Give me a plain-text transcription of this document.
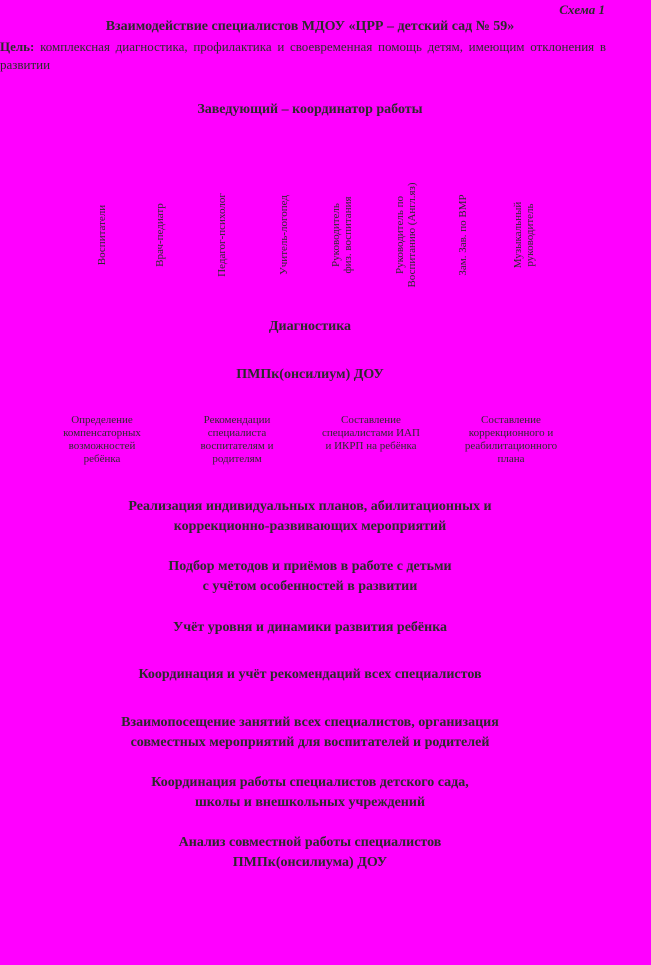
Схема 1
Взаимодействие специалистов МДОУ «ЦРР – детский сад № 59»
Цель: комплексная диагностика, профилактика и своевременная помощь детям, имеющим отклонения в развитии
Заведующий – координатор работы
Воспитатели	Врач-педиатр	Педагог-психолог	Учитель-логопед	Руководитель физ. воспитания	Руководитель по Воспитанию (Англ.яз)	Зам. Зав. по ВМР	Музыкальный руководитель
Диагностика
ПМПк(онсилиум) ДОУ
Определение
компенсаторных
возможностей
ребёнка
Рекомендации
специалиста
воспитателям и
родителям
Составление
специалистами ИАП
и ИКРП на ребёнка
Составление
коррекционного и
реабилитационного
плана
Реализация индивидуальных планов, абилитационных и
коррекционно-развивающих мероприятий
Подбор методов и приёмов в работе с детьми
с учётом особенностей в развитии
Учёт уровня и динамики развития ребёнка
Координация и учёт рекомендаций всех специалистов
Взаимопосещение занятий всех специалистов, организация
совместных мероприятий для воспитателей и родителей
Координация работы специалистов детского сада,
школы и внешкольных учреждений
Анализ совместной работы специалистов
ПМПк(онсилиума) ДОУ
